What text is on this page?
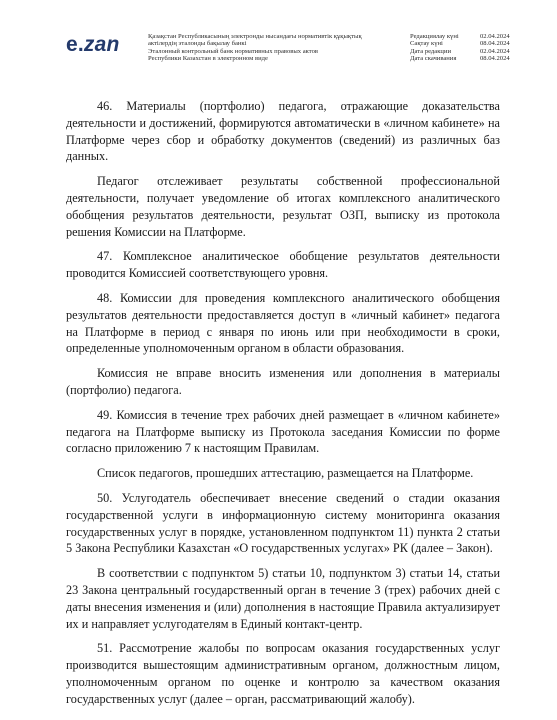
e.zan	Қазақстан Республикасының электронды нысандағы нормативтік құқықтық
актілердің эталонды бақылау банкі
Эталонный контрольный банк нормативных правовых актов
Республики Казахстан в электронном виде
Редакциялау күні	02.04.2024
Сақтау күні	08.04.2024
Дата редакции	02.04.2024
Дата скачивания	08.04.2024

46. Материалы (портфолио) педагога, отражающие доказательства деятельности и достижений, формируются автоматически в «личном кабинете» на Платформе через сбор и обработку документов (сведений) из различных баз данных.

Педагог отслеживает результаты собственной профессиональной деятельности, получает уведомление об итогах комплексного аналитического обобщения результатов деятельности, результат ОЗП, выписку из протокола решения Комиссии на Платформе.

47. Комплексное аналитическое обобщение результатов деятельности проводится Комиссией соответствующего уровня.

48. Комиссии для проведения комплексного аналитического обобщения результатов деятельности предоставляется доступ в «личный кабинет» педагога на Платформе в период с января по июнь или при необходимости в сроки, определенные уполномоченным органом в области образования.

Комиссия не вправе вносить изменения или дополнения в материалы (портфолио) педагога.

49. Комиссия в течение трех рабочих дней размещает в «личном кабинете» педагога на Платформе выписку из Протокола заседания Комиссии по форме согласно приложению 7 к настоящим Правилам.

Список педагогов, прошедших аттестацию, размещается на Платформе.

50. Услугодатель обеспечивает внесение сведений о стадии оказания государственной услуги в информационную систему мониторинга оказания государственных услуг в порядке, установленном подпунктом 11) пункта 2 статьи 5 Закона Республики Казахстан «О государственных услугах» РК (далее – Закон).

В соответствии с подпунктом 5) статьи 10, подпунктом 3) статьи 14, статьи 23 Закона центральный государственный орган в течение 3 (трех) рабочих дней с даты внесения изменения и (или) дополнения в настоящие Правила актуализирует их и направляет услугодателям в Единый контакт-центр.

51. Рассмотрение жалобы по вопросам оказания государственных услуг производится вышестоящим административным органом, должностным лицом, уполномоченным органом по оценке и контролю за качеством оказания государственных услуг (далее – орган, рассматривающий жалобу).
